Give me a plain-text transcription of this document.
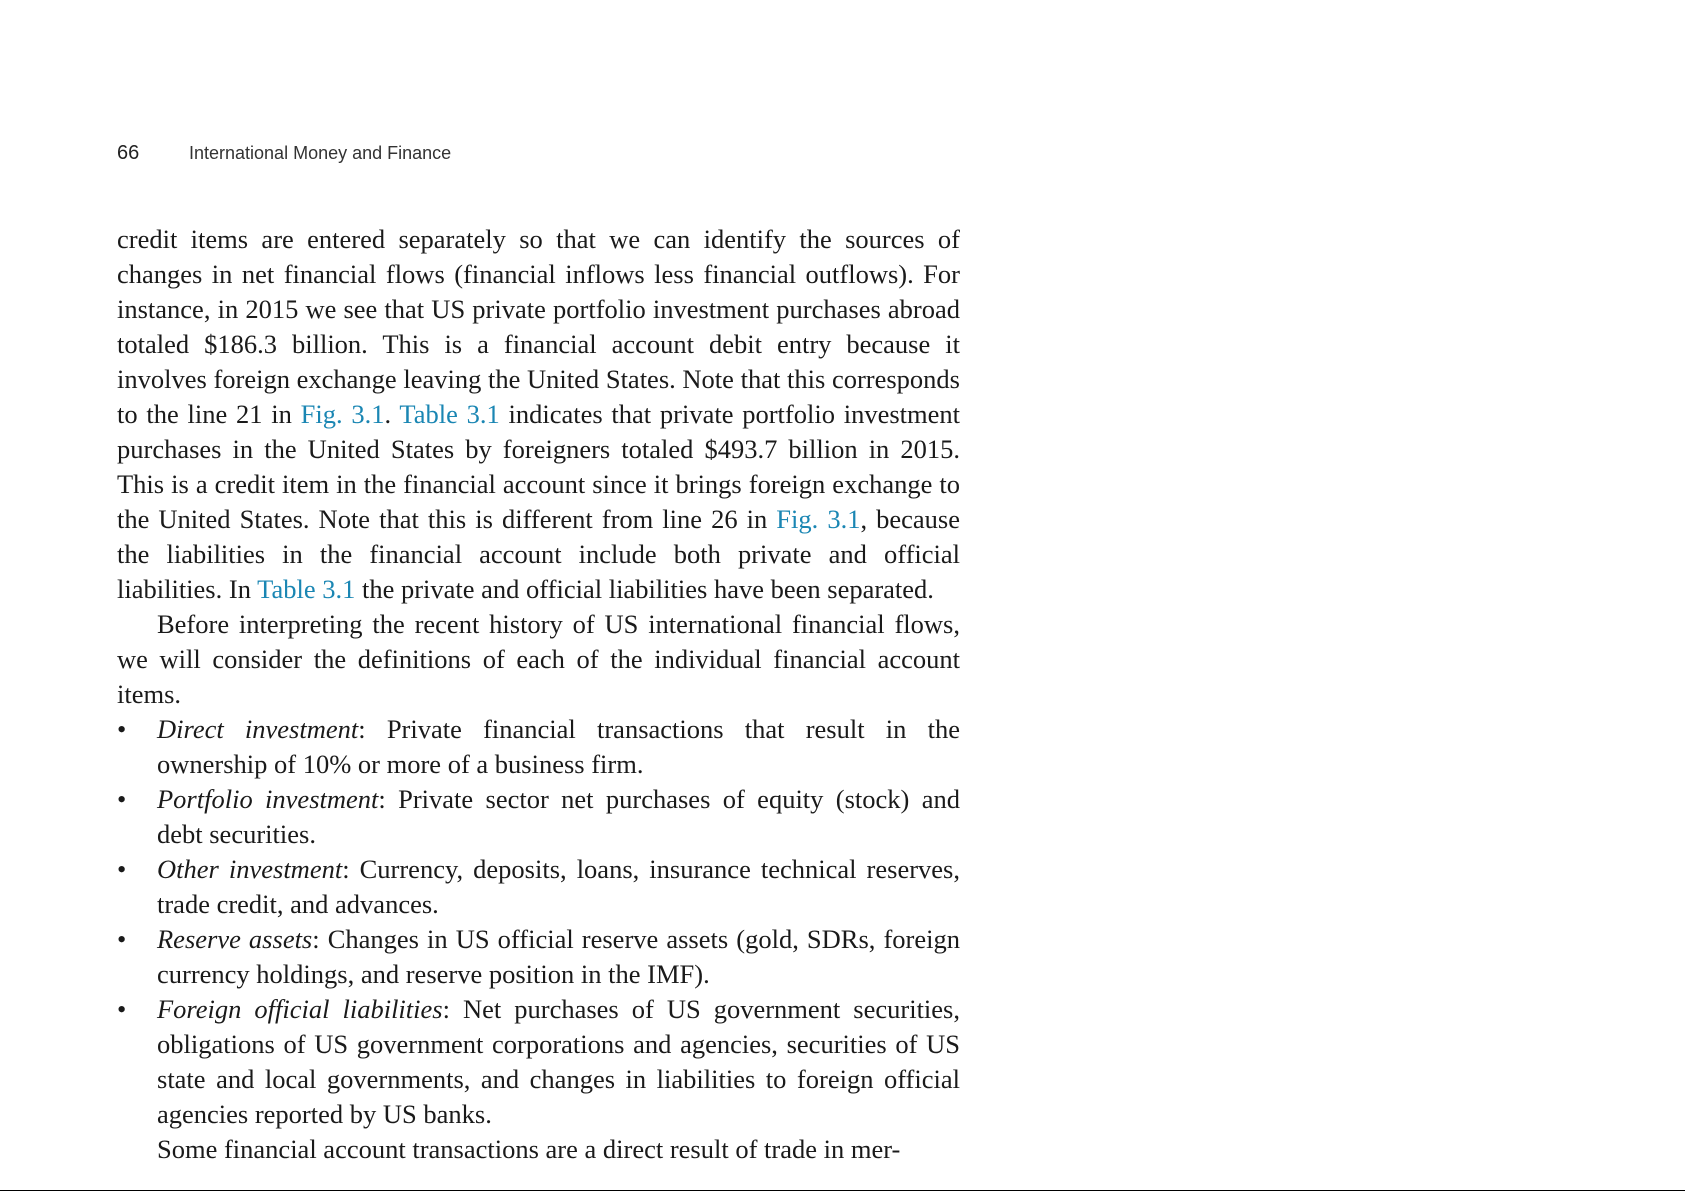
66	International Money and Finance

credit items are entered separately so that we can identify the sources of changes in net financial flows (financial inflows less financial outflows). For instance, in 2015 we see that US private portfolio investment purchases abroad totaled $186.3 billion. This is a financial account debit entry because it involves foreign exchange leaving the United States. Note that this corresponds to the line 21 in Fig. 3.1. Table 3.1 indicates that private portfolio investment purchases in the United States by foreigners totaled $493.7 billion in 2015. This is a credit item in the financial account since it brings foreign exchange to the United States. Note that this is different from line 26 in Fig. 3.1, because the liabilities in the financial account include both private and official liabilities. In Table 3.1 the private and official liabilities have been separated.

Before interpreting the recent history of US international financial flows, we will consider the definitions of each of the individual financial account items.

• Direct investment: Private financial transactions that result in the ownership of 10% or more of a business firm.
• Portfolio investment: Private sector net purchases of equity (stock) and debt securities.
• Other investment: Currency, deposits, loans, insurance technical reserves, trade credit, and advances.
• Reserve assets: Changes in US official reserve assets (gold, SDRs, foreign currency holdings, and reserve position in the IMF).
• Foreign official liabilities: Net purchases of US government securities, obligations of US government corporations and agencies, securities of US state and local governments, and changes in liabilities to foreign official agencies reported by US banks.

Some financial account transactions are a direct result of trade in mer-
